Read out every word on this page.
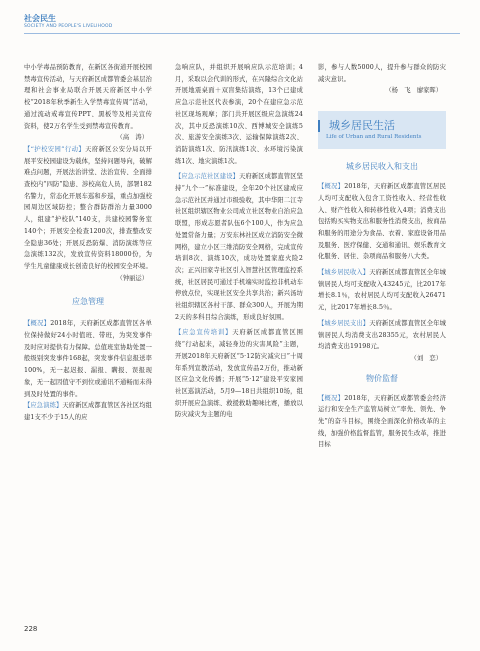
社会民生
SOCIETY AND PEOPLE'S LIVELIHOOD

中小学毒品预防教育，在新区各街道开展校园禁毒宣传活动，与天府新区成都管委会基层治理和社会事业局联合开展天府新区中小学校“2018年秋季新生入学禁毒宣传周”活动，通过流动戒毒宣传PPT、黑板等及相关宣传资料，使2万名学生受到禁毒宣传教育。

（高　涛）

【“护校安园”行动】天府新区公安分局以开展平安校园建设为载体，坚持问题导向，破解难点问题，开展法治讲堂、法治宣传、全面排查校内“四防”隐患、涉校高危人员，部署182名警力，常态化开展车巡和步巡，重点加强校园周边区域防控；整合群防群治力量3000人，组建“护校队”140支，共建校园警务室140个；开展安全检查1200次，排查整改安全隐患36处；开展反恐防爆、消防演练等应急演练132次，发放宣传资料18000份，为学生凡童健康成长创造良好的校园安全环境。

（钟丽运）
应急管理

【概况】2018年，天府新区成都直管区各单位保持做好24小时值班、带班，为突发事件及时应对提供有力保障。总值班室协助处置一般级别突发事件168起，突发事件信息报送率100%，无一起迟报、漏报、瞒报、误报现象，无一起因值守不到位或通讯不通畅而未得到及时处置的事件。

【应急演练】天府新区成都直管区各社区均组建1支不少于15人的应

急响应队，并组织开展响应队示范培训；4月，采取以会代训的形式，在兴隆综合文化站开展地震桌面＋双盲集结演练，13个已建成应急示范社区代表参演，20个在建应急示范社区现场观摩；部门共开展区级应急演练24次，其中反恐演练10次、西博城安全演练5次、旅游安全演练3次、运输保障演练2次、消防演练1次、防汛演练1次、水环境污染演练1次、地灾演练1次。

【应急示范社区建设】天府新区成都直管区坚持“九个一”标准建设，全年20个社区建成应急示范社区并通过市级验收，其中华阳二江寺社区组织辖区物业公司成立社区物业自治应急联盟，形成志愿者队伍6个100人，作为应急处置常备力量；万安东林社区成立消防安全微网格，建立小区三维消防安全网格，完成宣传培训8次、演练10次，成功处置家庭火险2次；正兴旧家寺社区引入智慧社区管理监控系统，社区居民可通过手机端实时监控非机动车停放点位，实现社区安全共享共治；新兴汤坊社组织辖区各村干部、群众300人，开展为期2天的多科目综合演练，形成良好氛围。

【应急宣传培训】天府新区成都直管区围绕“行动起来，减轻身边的灾害风险”主题，开展2018年天府新区“5·12防灾减灾日”十周年系列宣教活动，发放宣传品2万份，推动新区应急文化传播；开展“5·12”建设平安家园社区巡演活动，5月9—18日共组织10场，组织开展应急演练、救援救助趣味比赛，播放以防灾减灾为主题的电

影，参与人数5000人，提升参与群众的防灾减灾意识。

（杨　飞　廖家晖）
城乡居民生活
Life of Urban and Rural Residents
城乡居民收入和支出

【概况】2018年，天府新区成都直管区居民人均可支配收入包含工资性收入、经营性收入、财产性收入和转移性收入4项；消费支出包括购买实物支出和服务性消费支出，按商品和服务的用途分为食品、衣着、家庭设备用品及服务、医疗保健、交通和通讯、娱乐教育文化服务、居住、杂项商品和服务八大类。

【城乡居民收入】天府新区成都直管区全年城镇居民人均可支配收入43245元，比2017年增长8.1％，农村居民人均可支配收入26471元，比2017年增长8.5％。

【城乡居民支出】天府新区成都直管区全年城镇居民人均消费支出28355元，农村居民人均消费支出19198元。

（刘　恋）
物价监督

【概况】2018年，天府新区成都管委会经济运行和安全生产监管局树立“率先、领先、争先”的奋斗目标，围绕全面深化价格改革的主线，加强价格监督监管，服务民生改革，推进目标

228
